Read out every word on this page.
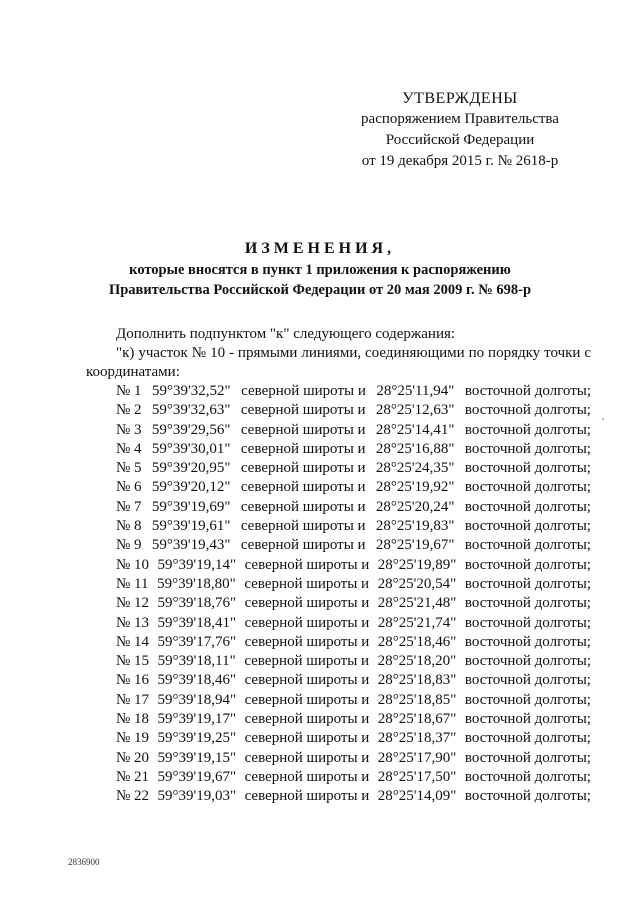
УТВЕРЖДЕНЫ
распоряжением Правительства
Российской Федерации
от 19 декабря 2015 г. № 2618-р
ИЗМЕНЕНИЯ,
которые вносятся в пункт 1 приложения к распоряжению
Правительства Российской Федерации от 20 мая 2009 г. № 698-р

Дополнить подпунктом "к" следующего содержания:

"к) участок № 10 - прямыми линиями, соединяющими по порядку точки с координатами:

№ 1 59°39'32,52" северной широты и 28°25'11,94" восточной долготы;
№ 2 59°39'32,63" северной широты и 28°25'12,63" восточной долготы;
№ 3 59°39'29,56" северной широты и 28°25'14,41" восточной долготы;
№ 4 59°39'30,01" северной широты и 28°25'16,88" восточной долготы;
№ 5 59°39'20,95" северной широты и 28°25'24,35" восточной долготы;
№ 6 59°39'20,12" северной широты и 28°25'19,92" восточной долготы;
№ 7 59°39'19,69" северной широты и 28°25'20,24" восточной долготы;
№ 8 59°39'19,61" северной широты и 28°25'19,83" восточной долготы;
№ 9 59°39'19,43" северной широты и 28°25'19,67" восточной долготы;
№ 10 59°39'19,14" северной широты и 28°25'19,89" восточной долготы;
№ 11 59°39'18,80" северной широты и 28°25'20,54" восточной долготы;
№ 12 59°39'18,76" северной широты и 28°25'21,48" восточной долготы;
№ 13 59°39'18,41" северной широты и 28°25'21,74" восточной долготы;
№ 14 59°39'17,76" северной широты и 28°25'18,46" восточной долготы;
№ 15 59°39'18,11" северной широты и 28°25'18,20" восточной долготы;
№ 16 59°39'18,46" северной широты и 28°25'18,83" восточной долготы;
№ 17 59°39'18,94" северной широты и 28°25'18,85" восточной долготы;
№ 18 59°39'19,17" северной широты и 28°25'18,67" восточной долготы;
№ 19 59°39'19,25" северной широты и 28°25'18,37" восточной долготы;
№ 20 59°39'19,15" северной широты и 28°25'17,90" восточной долготы;
№ 21 59°39'19,67" северной широты и 28°25'17,50" восточной долготы;
№ 22 59°39'19,03" северной широты и 28°25'14,09" восточной долготы;
2836900
